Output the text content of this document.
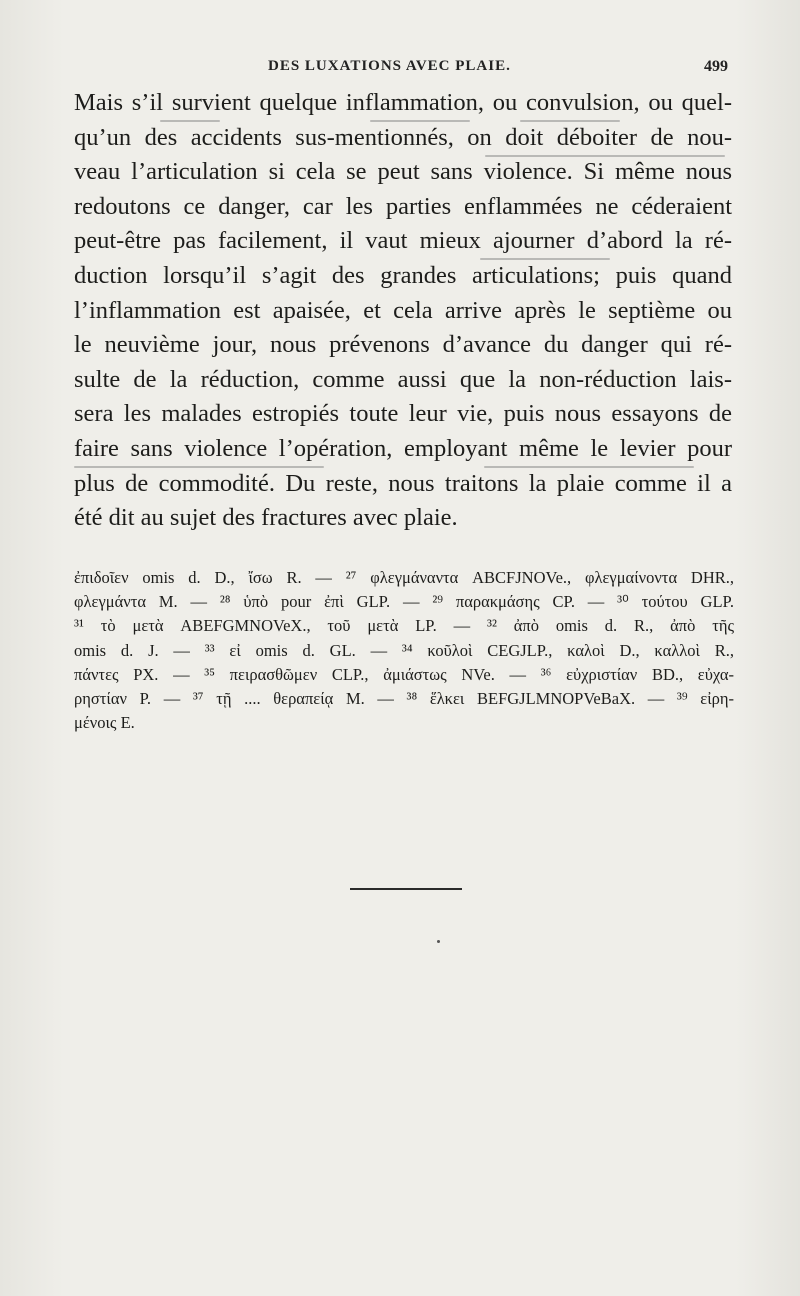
DES LUXATIONS AVEC PLAIE.	499
Mais s’il survient quelque inflammation, ou convulsion, ou quel-
qu’un des accidents sus-mentionnés, on doit déboiter de nou-
veau l’articulation si cela se peut sans violence. Si même nous
redoutons ce danger, car les parties enflammées ne céderaient
peut-être pas facilement, il vaut mieux ajourner d’abord la ré-
duction lorsqu’il s’agit des grandes articulations; puis quand
l’inflammation est apaisée, et cela arrive après le septième ou
le neuvième jour, nous prévenons d’avance du danger qui ré-
sulte de la réduction, comme aussi que la non-réduction lais-
sera les malades estropiés toute leur vie, puis nous essayons de
faire sans violence l’opération, employant même le levier pour
plus de commodité. Du reste, nous traitons la plaie comme il a
été dit au sujet des fractures avec plaie.
ἐπιδοῖεν omis d. D., ἴσω R. — ²⁷ φλεγμάναντα ABCFJNOVe., φλεγμαίνοντα DHR.,
φλεγμάντα M. — ²⁸ ὑπὸ pour ἐπὶ GLP. — ²⁹ παρακμάσης CP. — ³⁰ τούτου GLP.
³¹ τὸ μετὰ ABEFGMNOVeX., τοῦ μετὰ LP. — ³² ἀπὸ omis d. R., ἀπὸ τῆς
omis d. J. — ³³ εἰ omis d. GL. — ³⁴ κοῦλοὶ CEGJLP., καλοὶ D., καλλοὶ R.,
πάντες PX. — ³⁵ πειρασθῶμεν CLP., ἀμιάστως NVe. — ³⁶ εὐχριστίαν BD., εὐχα-
ρηστίαν P. — ³⁷ τῇ .... θεραπείᾳ M. — ³⁸ ἕλκει BEFGJLMNOPVeBaX. — ³⁹ εἰρη-
μένοις E.
